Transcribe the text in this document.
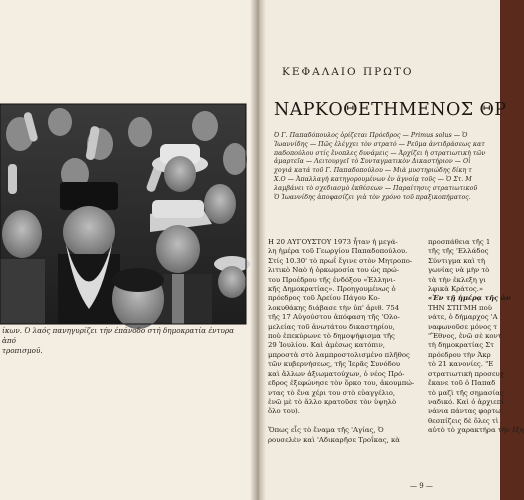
ίκων. Ό λαός πανηγυρίζει τήν έπάνοδο στή δημοκρατία έντυρα ἀπό
τροπισμοῦ.
ΚΕΦΑΛΑΙΟ ΠΡΩΤΟ
ΝΑΡΚΟΘΕΤΗΜΕΝΟΣ ΘΡ
Ό Γ. Παπαδόπουλος ὁρίζεται Πρόεδρος — Primus solus — Ὁ
Ἰωαννίδης — Πῶς ἐλέγχει τὸν στρατό — Ρεῦμα ἀντιδράσεως κατ
παδοπούλου στίς ἔνοπλες δυνάμεις — Ἀρχίζει ἡ στρατιωτικὴ τῶν
ἁμαρτεῖα — Λειτουργεῖ τὸ Συνταγματικὸν Δικαστήριον — Οἱ
χογιά κατά τοῦ Γ. Παπαδοπούλου — Μιὰ μυστηριώδης δίκη τ
Χ.Ο — Ἀπαλλαγὴ κατηγορουμένων ἐν ἀγνοίᾳ τοῦς — Ὁ Στ. Μ
λαμβάνει τὸ σχεδιασμὸ ἐκθέσεων — Παραίτησις στρατιωτικοῦ
Ὁ Ἰωαννίδης ἀποφασίζει γιὰ τὸν χρόνο τοῦ πραξικοπήματος.
Η 20 ΑΥΓΟΥΣΤΟΥ 1973 ἦταν ἡ μεγά-
λη ἡμέρα τοῦ Γεωργίου Παπαδοπούλου.
Στίς 10.30' τὸ πρωΐ ἔγινε στὸν Μητροπο-
λιτικὸ Ναὸ ἡ ὁρκωμοσία του ὡς πρώ-
του Προέδρου τῆς ἐνδόξου «Ἑλληνι-
κῆς Δημοκρατίας». Προηγουμένως ὁ
πρόεδρος τοῦ Ἀρείου Πάγου Κο-
λοκυθάκης διάβασε τὴν ὑπ' ἀριθ. 754
τῆς 17 Αὐγούστου ἀπόφαση τῆς 'Ολο-
μελείας τοῦ ἀνωτάτου δικαστηρίου,
ποὺ ἐπεκύρωνε τὸ δημοψήφισμα τῆς
29 Ἰουλίου. Καὶ ἀμέσως κατόπιν,
μπροστὰ στὸ λαμπροστολισμένο πλῆθος
τῶν κυβερνήσεως, τῆς Ἱερᾶς Συνόδου
καὶ ἄλλων ἀξιωματούχων, ὁ νέος Πρό-
εδρος ἐξεφώνησε τὸν ὅρκο του, ἀκουμπώ-
ντας τὸ ἕνα χέρι του στὸ εὐαγγέλιο,
ἐνῶ μὲ τὸ ἄλλο κρατοῦσε τὸν ὑψηλὸ
ὅλο του).

Ὅπως εἶς τὸ ἕναμα τῆς 'Αγίας, Ὁ
ρουσελὲν καὶ 'Αδικαρῆσε Τροΐκας, κὰ
προσπάθεια τῆς 1
τῆς τῆς 'Ελλάδος
Σύντιγμα καὶ τὴ
γωνίας νὰ μὴν τὸ
τὰ τὴν ἐκλεξη γι
λφικὰ Κράτος.»
«Ἐν τῇ ἡμέρᾳ τῆς ἀν
ΤΗΝ ΣΤΙΓΜΗ ποὺ
νάτε, ὁ δήμαρχος 'Α
ναφωνοῦσε μόνος τ
"Ἔθνος, ἐνῶ σὲ κοντ
τὴ δημοκρατίας Στ
πρόεδρου τὴν Ἀκρ
τὸ 21 κανονίες. "Ε
στρατιωτικὴ προσευχ
ἔκανε τοῦ ὁ Παπαδ
τὸ μαζὶ τῆς σημασίας
ναδικό. Καὶ ὁ ἀρχιεπί
νάνια πάντας φορτω
θεσπίζεις δὲ ὅλες τὶ
αὐτὸ τὸ χαρακτήρα τὴν ἔξη
— 9 —
